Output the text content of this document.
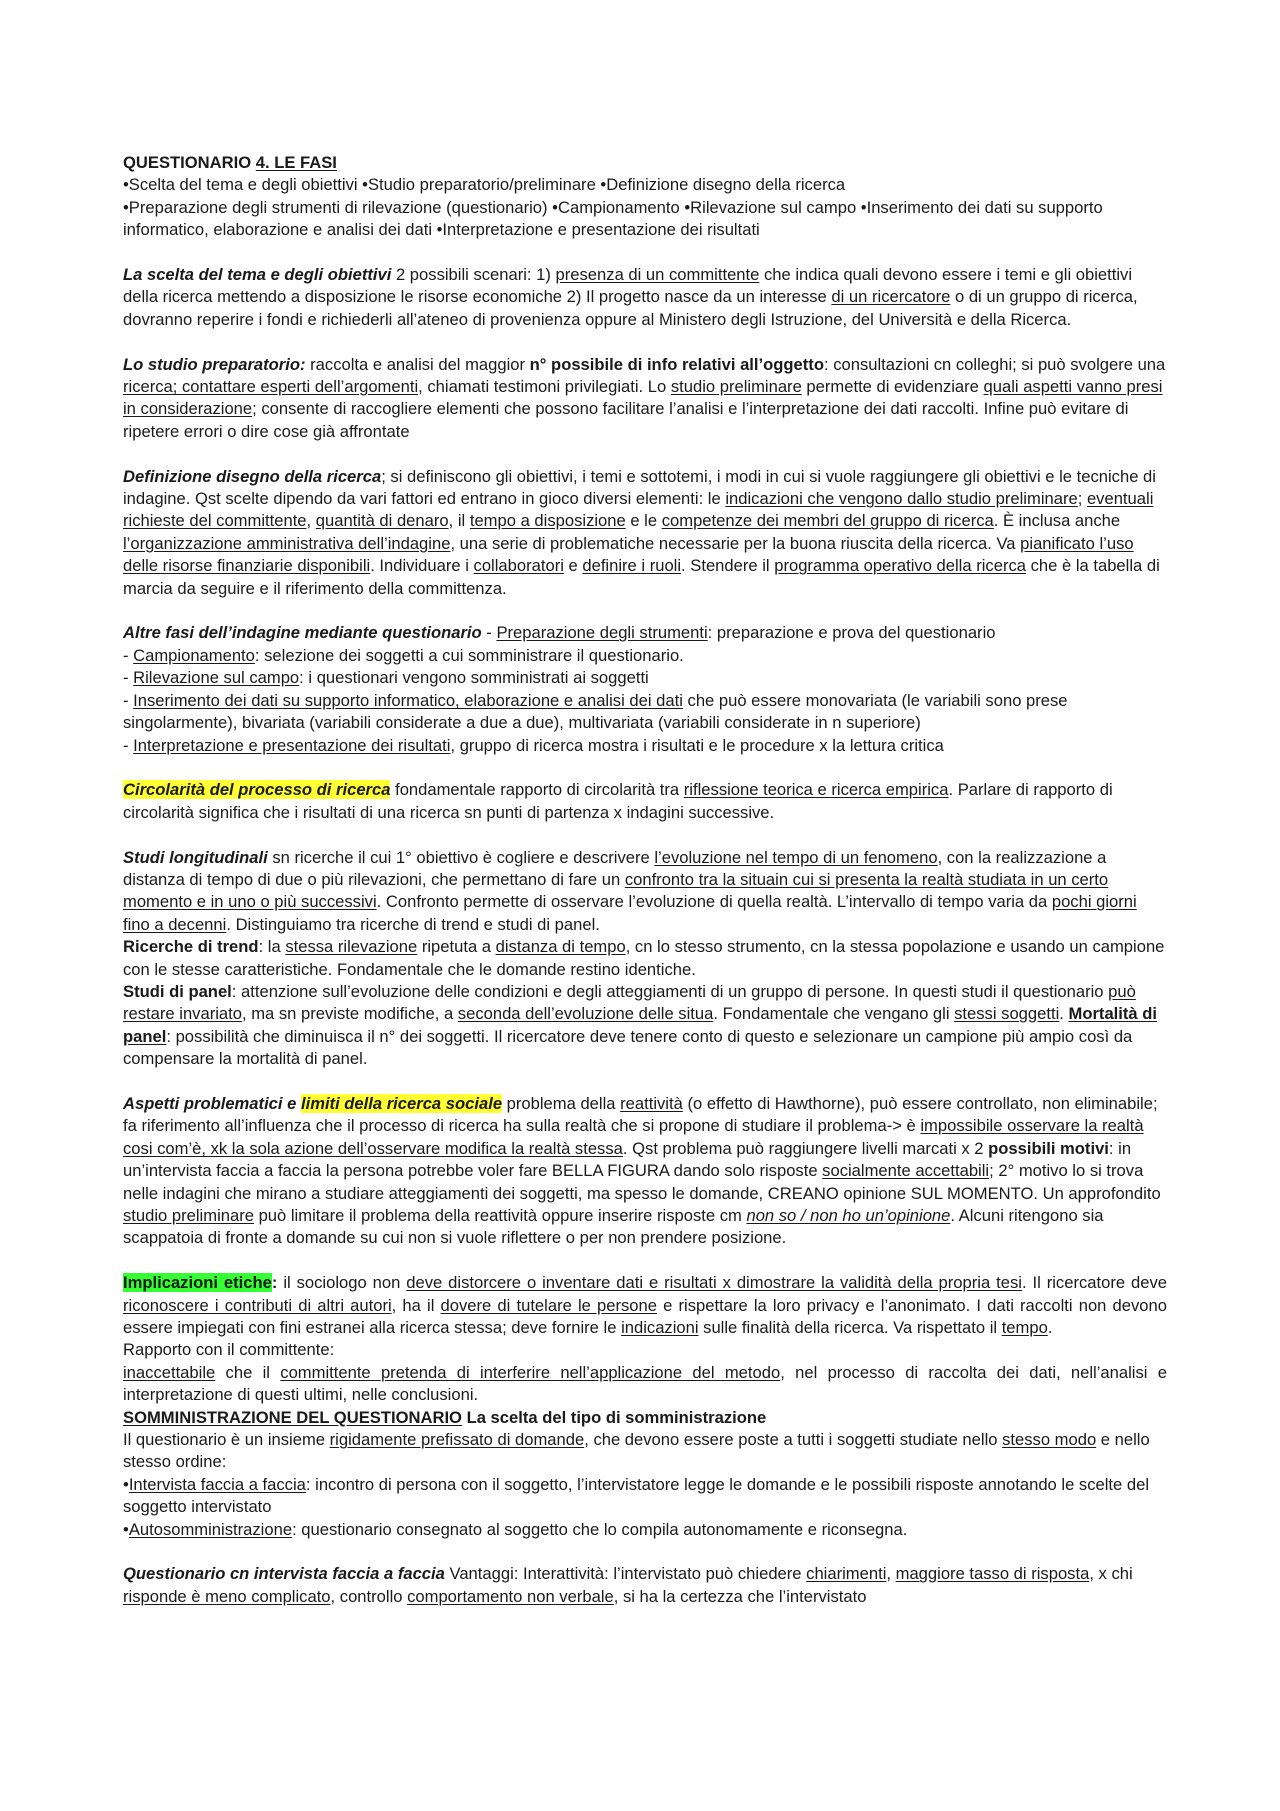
QUESTIONARIO 4. LE FASI
•Scelta del tema e degli obiettivi •Studio preparatorio/preliminare •Definizione disegno della ricerca
•Preparazione degli strumenti di rilevazione (questionario) •Campionamento •Rilevazione sul campo •Inserimento dei dati su supporto informatico, elaborazione e analisi dei dati •Interpretazione e presentazione dei risultati

La scelta del tema e degli obiettivi 2 possibili scenari: 1) presenza di un committente che indica quali devono essere i temi e gli obiettivi della ricerca mettendo a disposizione le risorse economiche 2) Il progetto nasce da un interesse di un ricercatore o di un gruppo di ricerca, dovranno reperire i fondi e richiederli all’ateneo di provenienza oppure al Ministero degli Istruzione, del Università e della Ricerca.

Lo studio preparatorio: raccolta e analisi del maggior n° possibile di info relativi all’oggetto: consultazioni cn colleghi; si può svolgere una ricerca; contattare esperti dell’argomenti, chiamati testimoni privilegiati. Lo studio preliminare permette di evidenziare quali aspetti vanno presi in considerazione; consente di raccogliere elementi che possono facilitare l’analisi e l’interpretazione dei dati raccolti. Infine può evitare di ripetere errori o dire cose già affrontate

Definizione disegno della ricerca; si definiscono gli obiettivi, i temi e sottotemi, i modi in cui si vuole raggiungere gli obiettivi e le tecniche di indagine. Qst scelte dipendo da vari fattori ed entrano in gioco diversi elementi: le indicazioni che vengono dallo studio preliminare; eventuali richieste del committente, quantità di denaro, il tempo a disposizione e le competenze dei membri del gruppo di ricerca. È inclusa anche l’organizzazione amministrativa dell’indagine, una serie di problematiche necessarie per la buona riuscita della ricerca. Va pianificato l’uso delle risorse finanziarie disponibili. Individuare i collaboratori e definire i ruoli. Stendere il programma operativo della ricerca che è la tabella di marcia da seguire e il riferimento della committenza.

Altre fasi dell’indagine mediante questionario - Preparazione degli strumenti: preparazione e prova del questionario
- Campionamento: selezione dei soggetti a cui somministrare il questionario.
- Rilevazione sul campo: i questionari vengono somministrati ai soggetti
- Inserimento dei dati su supporto informatico, elaborazione e analisi dei dati che può essere monovariata (le variabili sono prese singolarmente), bivariata (variabili considerate a due a due), multivariata (variabili considerate in n superiore)
- Interpretazione e presentazione dei risultati, gruppo di ricerca mostra i risultati e le procedure x la lettura critica

Circolarità del processo di ricerca fondamentale rapporto di circolarità tra riflessione teorica e ricerca empirica. Parlare di rapporto di circolarità significa che i risultati di una ricerca sn punti di partenza x indagini successive.

Studi longitudinali sn ricerche il cui 1° obiettivo è cogliere e descrivere l’evoluzione nel tempo di un fenomeno, con la realizzazione a distanza di tempo di due o più rilevazioni, che permettano di fare un confronto tra la situain cui si presenta la realtà studiata in un certo momento e in uno o più successivi. Confronto permette di osservare l’evoluzione di quella realtà. L’intervallo di tempo varia da pochi giorni fino a decenni. Distinguiamo tra ricerche di trend e studi di panel.
Ricerche di trend: la stessa rilevazione ripetuta a distanza di tempo, cn lo stesso strumento, cn la stessa popolazione e usando un campione con le stesse caratteristiche. Fondamentale che le domande restino identiche.
Studi di panel: attenzione sull’evoluzione delle condizioni e degli atteggiamenti di un gruppo di persone. In questi studi il questionario può restare invariato, ma sn previste modifiche, a seconda dell’evoluzione delle situa. Fondamentale che vengano gli stessi soggetti. Mortalità di panel: possibilità che diminuisca il n° dei soggetti. Il ricercatore deve tenere conto di questo e selezionare un campione più ampio così da compensare la mortalità di panel.

Aspetti problematici e limiti della ricerca sociale problema della reattività (o effetto di Hawthorne), può essere controllato, non eliminabile; fa riferimento all’influenza che il processo di ricerca ha sulla realtà che si propone di studiare il problema-> è impossibile osservare la realtà cosi com’è, xk la sola azione dell’osservare modifica la realtà stessa. Qst problema può raggiungere livelli marcati x 2 possibili motivi: in un’intervista faccia a faccia la persona potrebbe voler fare BELLA FIGURA dando solo risposte socialmente accettabili; 2° motivo lo si trova nelle indagini che mirano a studiare atteggiamenti dei soggetti, ma spesso le domande, CREANO opinione SUL MOMENTO. Un approfondito studio preliminare può limitare il problema della reattività oppure inserire risposte cm non so / non ho un’opinione. Alcuni ritengono sia scappatoia di fronte a domande su cui non si vuole riflettere o per non prendere posizione.

Implicazioni etiche: il sociologo non deve distorcere o inventare dati e risultati x dimostrare la validità della propria tesi. Il ricercatore deve riconoscere i contributi di altri autori, ha il dovere di tutelare le persone e rispettare la loro privacy e l’anonimato. I dati raccolti non devono essere impiegati con fini estranei alla ricerca stessa; deve fornire le indicazioni sulle finalità della ricerca. Va rispettato il tempo.

Rapporto con il committente:

inaccettabile che il committente pretenda di interferire nell’applicazione del metodo, nel processo di raccolta dei dati, nell’analisi e interpretazione di questi ultimi, nelle conclusioni.

SOMMINISTRAZIONE DEL QUESTIONARIO La scelta del tipo di somministrazione
Il questionario è un insieme rigidamente prefissato di domande, che devono essere poste a tutti i soggetti studiate nello stesso modo e nello stesso ordine:
•Intervista faccia a faccia: incontro di persona con il soggetto, l’intervistatore legge le domande e le possibili risposte annotando le scelte del soggetto intervistato
•Autosomministrazione: questionario consegnato al soggetto che lo compila autonomamente e riconsegna.

Questionario cn intervista faccia a faccia Vantaggi: Interattività: l’intervistato può chiedere chiarimenti, maggiore tasso di risposta, x chi risponde è meno complicato, controllo comportamento non verbale, si ha la certezza che l’intervistato
